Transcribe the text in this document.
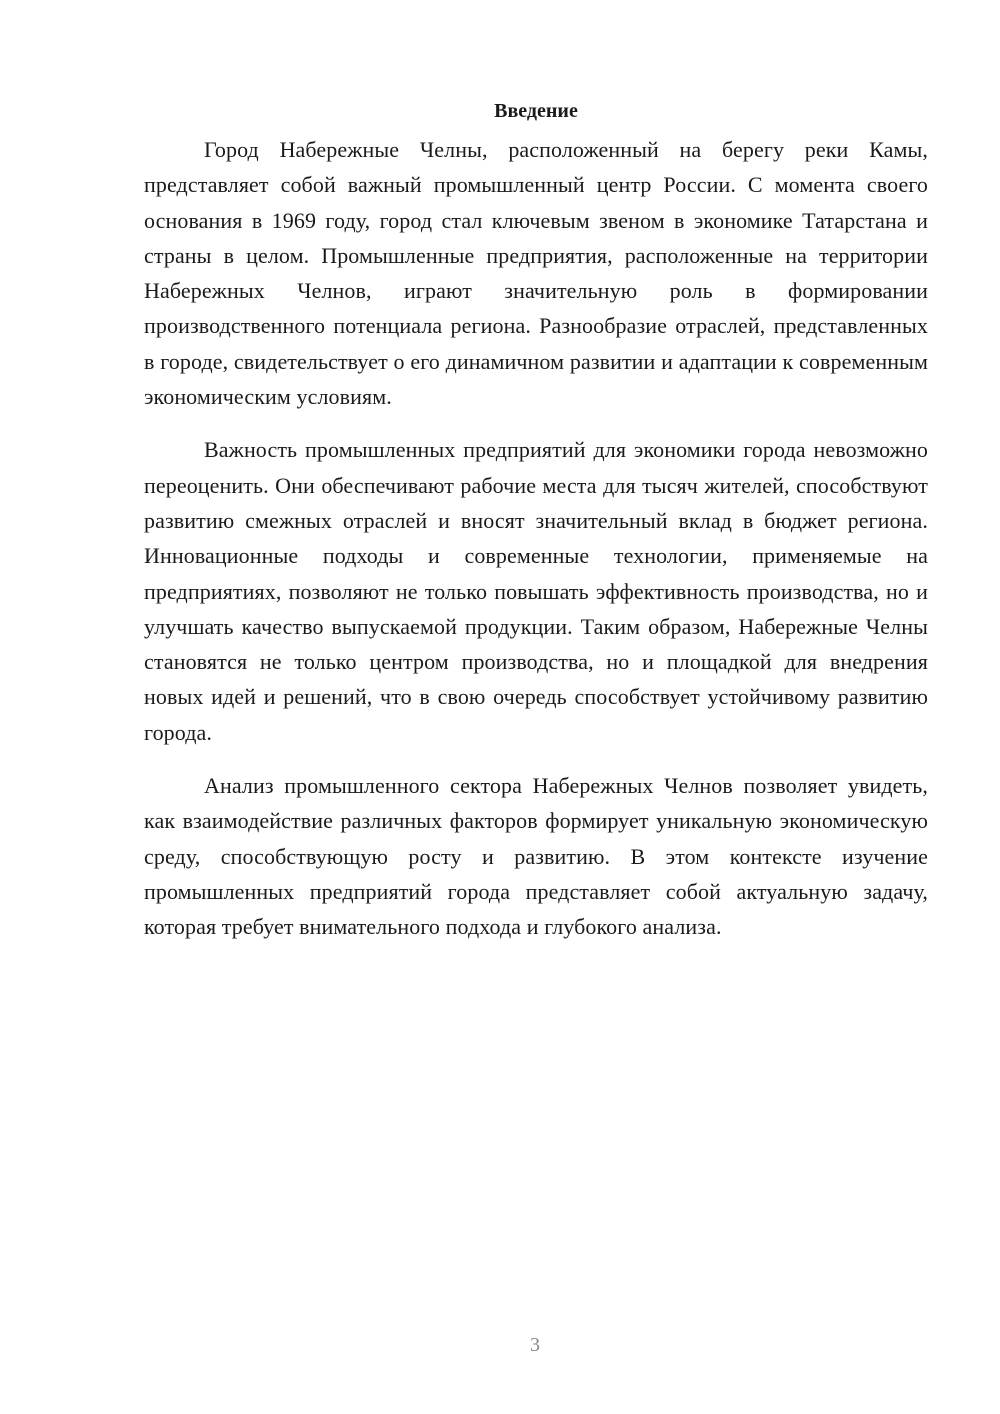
Введение

Город Набережные Челны, расположенный на берегу реки Камы, представляет собой важный промышленный центр России. С момента своего основания в 1969 году, город стал ключевым звеном в экономике Татарстана и страны в целом. Промышленные предприятия, расположенные на территории Набережных Челнов, играют значительную роль в формировании производственного потенциала региона. Разнообразие отраслей, представленных в городе, свидетельствует о его динамичном развитии и адаптации к современным экономическим условиям.

Важность промышленных предприятий для экономики города невозможно переоценить. Они обеспечивают рабочие места для тысяч жителей, способствуют развитию смежных отраслей и вносят значительный вклад в бюджет региона. Инновационные подходы и современные технологии, применяемые на предприятиях, позволяют не только повышать эффективность производства, но и улучшать качество выпускаемой продукции. Таким образом, Набережные Челны становятся не только центром производства, но и площадкой для внедрения новых идей и решений, что в свою очередь способствует устойчивому развитию города.

Анализ промышленного сектора Набережных Челнов позволяет увидеть, как взаимодействие различных факторов формирует уникальную экономическую среду, способствующую росту и развитию. В этом контексте изучение промышленных предприятий города представляет собой актуальную задачу, которая требует внимательного подхода и глубокого анализа.

3
